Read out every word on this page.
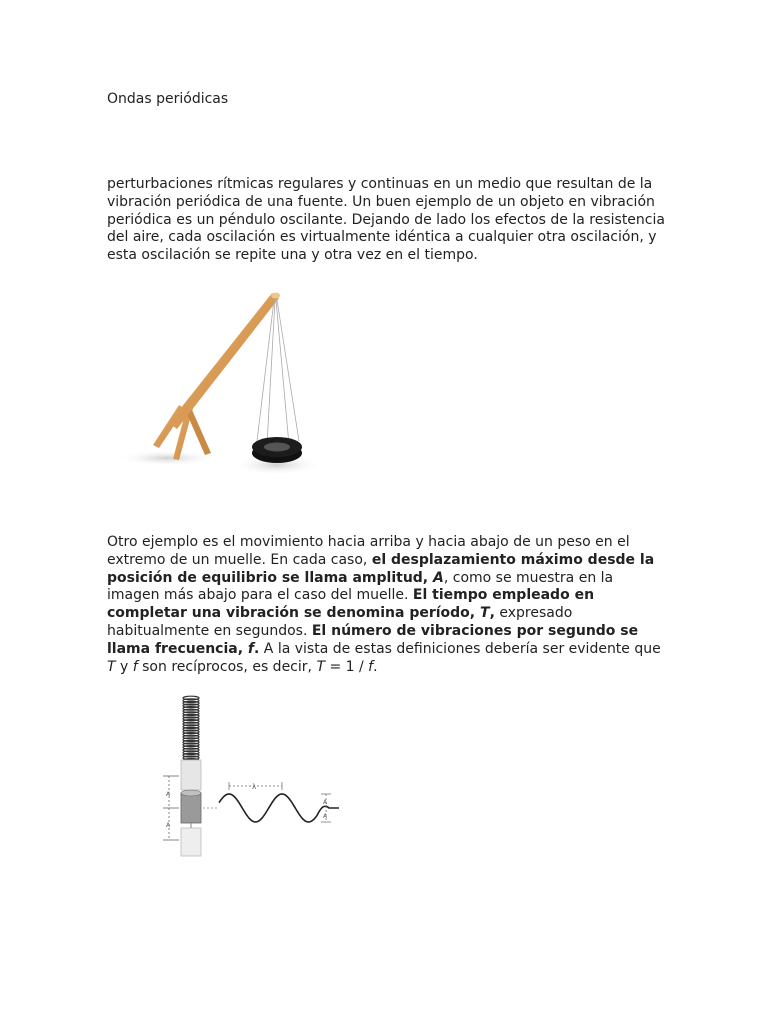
Ondas periódicas

perturbaciones rítmicas regulares y continuas en un medio que resultan de la vibración periódica de una fuente. Un buen ejemplo de un objeto en vibración periódica es un péndulo oscilante. Dejando de lado los efectos de la resistencia del aire, cada oscilación es virtualmente idéntica a cualquier otra oscilación, y esta oscilación se repite una y otra vez en el tiempo.

Otro ejemplo es el movimiento hacia arriba y hacia abajo de un peso en el extremo de un muelle. En cada caso, el desplazamiento máximo desde la posición de equilibrio se llama amplitud, A, como se muestra en la imagen más abajo para el caso del muelle. El tiempo empleado en completar una vibración se denomina período, T, expresado habitualmente en segundos. El número de vibraciones por segundo se llama frecuencia, f. A la vista de estas definiciones debería ser evidente que T y f son recíprocos, es decir, T = 1 / f.

A
A
λ
A
A
